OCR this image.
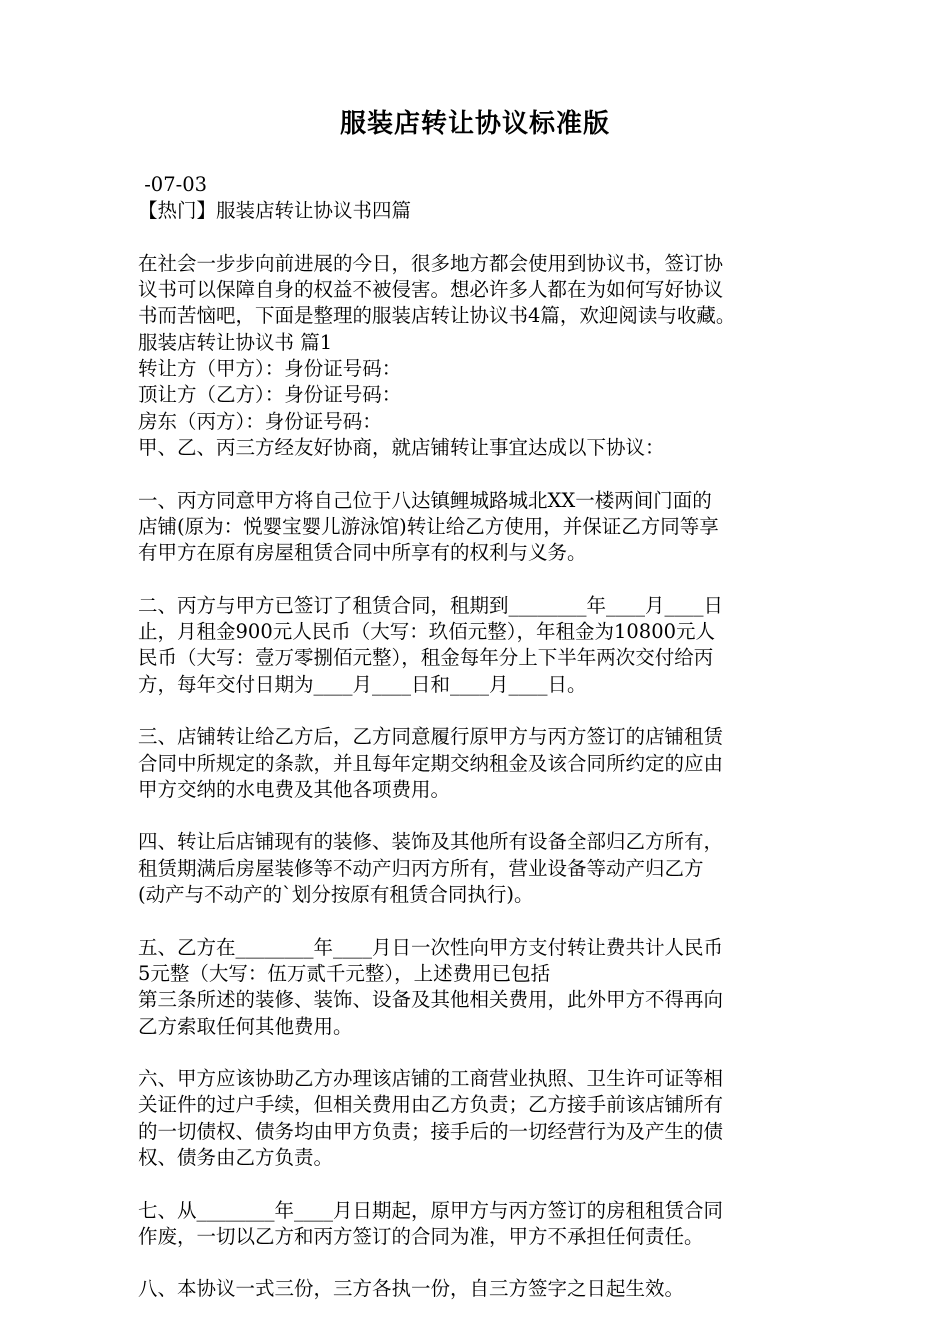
服装店转让协议标准版
-07-03
【热门】服装店转让协议书四篇
在社会一步步向前进展的今日，很多地方都会使用到协议书，签订协
议书可以保障自身的权益不被侵害。想必许多人都在为如何写好协议
书而苦恼吧，下面是整理的服装店转让协议书4篇，欢迎阅读与收藏。
服装店转让协议书 篇1
转让方（甲方）：身份证号码：
顶让方（乙方）：身份证号码：
房东（丙方）：身份证号码：
甲、乙、丙三方经友好协商，就店铺转让事宜达成以下协议：
一、丙方同意甲方将自己位于八达镇鲤城路城北XX一楼两间门面的
店铺(原为：悦婴宝婴儿游泳馆)转让给乙方使用，并保证乙方同等享
有甲方在原有房屋租赁合同中所享有的权利与义务。
二、丙方与甲方已签订了租赁合同，租期到________年____月____日
止，月租金900元人民币（大写：玖佰元整），年租金为10800元人
民币（大写：壹万零捌佰元整），租金每年分上下半年两次交付给丙
方，每年交付日期为____月____日和____月____日。
三、店铺转让给乙方后，乙方同意履行原甲方与丙方签订的店铺租赁
合同中所规定的条款，并且每年定期交纳租金及该合同所约定的应由
甲方交纳的水电费及其他各项费用。
四、转让后店铺现有的装修、装饰及其他所有设备全部归乙方所有，
租赁期满后房屋装修等不动产归丙方所有，营业设备等动产归乙方
(动产与不动产的`划分按原有租赁合同执行)。
五、乙方在________年____月日一次性向甲方支付转让费共计人民币
5元整（大写：伍万贰千元整），上述费用已包括
第三条所述的装修、装饰、设备及其他相关费用，此外甲方不得再向
乙方索取任何其他费用。
六、甲方应该协助乙方办理该店铺的工商营业执照、卫生许可证等相
关证件的过户手续，但相关费用由乙方负责；乙方接手前该店铺所有
的一切债权、债务均由甲方负责；接手后的一切经营行为及产生的债
权、债务由乙方负责。
七、从________年____月日期起，原甲方与丙方签订的房租租赁合同
作废，一切以乙方和丙方签订的合同为准，甲方不承担任何责任。
八、本协议一式三份，三方各执一份，自三方签字之日起生效。
